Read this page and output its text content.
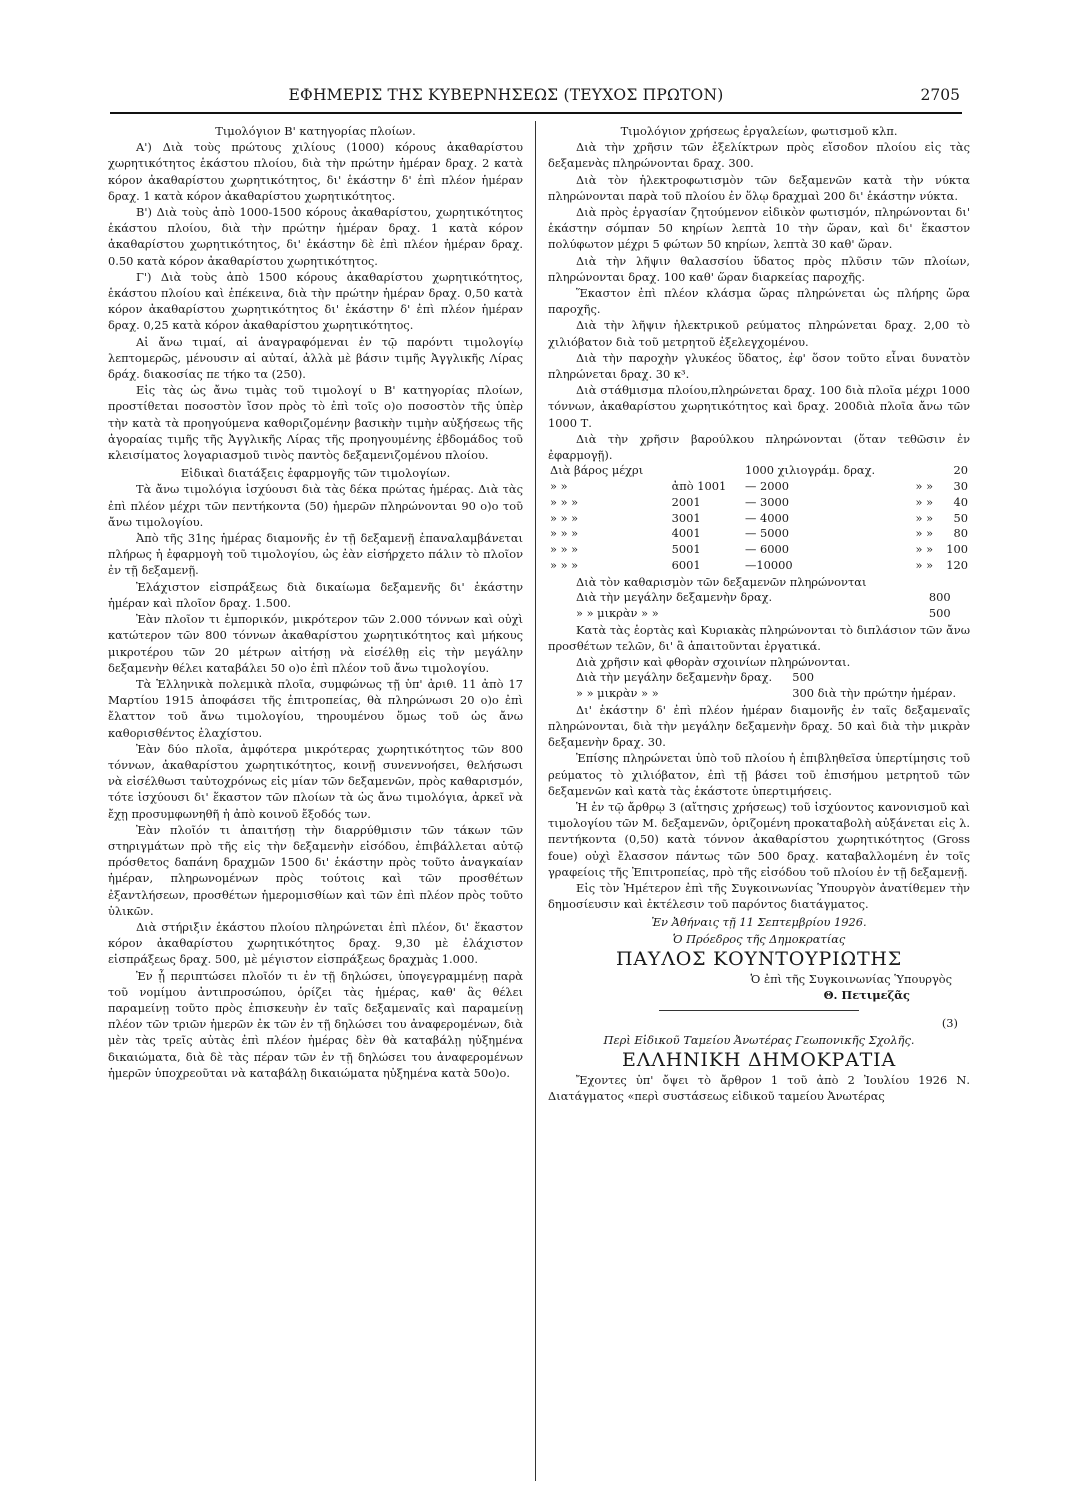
ΕΦΗΜΕΡΙΣ ΤΗΣ ΚΥΒΕΡΝΗΣΕΩΣ (ΤΕΥΧΟΣ ΠΡΩΤΟΝ)	2705

Τιμολόγιον Β' κατηγορίας πλοίων.

Α') Διὰ τοὺς πρώτους χιλίους (1000) κόρους ἀκαθαρίστου χωρητικότητος ἑκάστου πλοίου, διὰ τὴν πρώτην ἡμέραν δραχ. 2 κατὰ κόρον ἀκαθαρίστου χωρητικότητος, δι' ἑκάστην δ' ἐπὶ πλέον ἡμέραν δραχ. 1 κατὰ κόρον ἀκαθαρίστου χωρητικότητος.

Β') Διὰ τοὺς ἀπὸ 1000-1500 κόρους ἀκαθαρίστου, χωρητικότητος ἑκάστου πλοίου, διὰ τὴν πρώτην ἡμέραν δραχ. 1 κατὰ κόρον ἀκαθαρίστου χωρητικότητος, δι' ἑκάστην δὲ ἐπὶ πλέον ἡμέραν δραχ. 0.50 κατὰ κόρον ἀκαθαρίστου χωρητικότητος.

Γ') Διὰ τοὺς ἀπὸ 1500 κόρους ἀκαθαρίστου χωρητικότητος, ἑκάστου πλοίου καὶ ἐπέκεινα, διὰ τὴν πρώτην ἡμέραν δραχ. 0,50 κατὰ κόρον ἀκαθαρίστου χωρητικότητος δι' ἑκάστην δ' ἐπὶ πλέον ἡμέραν δραχ. 0,25 κατὰ κόρον ἀκαθαρίστου χωρητικότητος.

Αἱ ἄνω τιμαί, αἱ ἀναγραφόμεναι ἐν τῷ παρόντι τιμολογίῳ λεπτομερῶς, μένουσιν αἱ αὐταί, ἀλλὰ μὲ βάσιν τιμῆς Ἀγγλικῆς Λίρας δράχ. διακοσίας πε τήκο τα (250).

Εἰς τὰς ὡς ἄνω τιμὰς τοῦ τιμολογί υ Β' κατηγορίας πλοίων, προστίθεται ποσοστὸν ἴσον πρὸς τὸ ἐπὶ τοῖς ο)ο ποσοστὸν τῆς ὑπὲρ τὴν κατὰ τὰ προηγούμενα καθοριζομένην βασικὴν τιμὴν αὐξήσεως τῆς ἀγοραίας τιμῆς τῆς Ἀγγλικῆς Λίρας τῆς προηγουμένης ἑβδομάδος τοῦ κλεισίματος λογαριασμοῦ τινὸς παντὸς δεξαμενιζομένου πλοίου.

Εἰδικαὶ διατάξεις ἐφαρμογῆς τῶν τιμολογίων.

Τὰ ἄνω τιμολόγια ἰσχύουσι διὰ τὰς δέκα πρώτας ἡμέρας. Διὰ τὰς ἐπὶ πλέον μέχρι τῶν πεντήκοντα (50) ἡμερῶν πληρώνονται 90 ο)ο τοῦ ἄνω τιμολογίου.

Ἀπὸ τῆς 31ης ἡμέρας διαμονῆς ἐν τῇ δεξαμενῇ ἐπαναλαμβάνεται πλήρως ἡ ἐφαρμογὴ τοῦ τιμολογίου, ὡς ἐὰν εἰσήρχετο πάλιν τὸ πλοῖον ἐν τῇ δεξαμενῇ.

Ἐλάχιστον εἰσπράξεως διὰ δικαίωμα δεξαμενῆς δι' ἑκάστην ἡμέραν καὶ πλοῖον δραχ. 1.500.

Ἐὰν πλοῖον τι ἐμπορικόν, μικρότερον τῶν 2.000 τόννων καὶ οὐχὶ κατώτερον τῶν 800 τόννων ἀκαθαρίστου χωρητικότητος καὶ μήκους μικροτέρου τῶν 20 μέτρων αἰτήσῃ νὰ εἰσέλθῃ εἰς τὴν μεγάλην δεξαμενὴν θέλει καταβάλει 50 ο)ο ἐπὶ πλέον τοῦ ἄνω τιμολογίου.

Τὰ Ἑλληνικὰ πολεμικὰ πλοῖα, συμφώνως τῇ ὑπ' ἀριθ. 11 ἀπὸ 17 Μαρτίου 1915 ἀποφάσει τῆς ἐπιτροπείας, θὰ πληρώνωσι 20 ο)ο ἐπὶ ἔλαττον τοῦ ἄνω τιμολογίου, τηρουμένου ὅμως τοῦ ὡς ἄνω καθορισθέντος ἐλαχίστου.

Ἐὰν δύο πλοῖα, ἀμφότερα μικρότερας χωρητικότητος τῶν 800 τόννων, ἀκαθαρίστου χωρητικότητος, κοινῇ συνεννοήσει, θελήσωσι νὰ εἰσέλθωσι ταὐτοχρόνως εἰς μίαν τῶν δεξαμενῶν, πρὸς καθαρισμόν, τότε ἰσχύουσι δι' ἕκαστον τῶν πλοίων τὰ ὡς ἄνω τιμολόγια, ἀρκεῖ νὰ ἔχῃ προσυμφωνηθῆ ἡ ἀπὸ κοινοῦ ἔξοδός των.

Ἐὰν πλοῖόν τι ἀπαιτήσῃ τὴν διαρρύθμισιν τῶν τάκων τῶν στηριγμάτων πρὸ τῆς εἰς τὴν δεξαμενὴν εἰσόδου, ἐπιβάλλεται αὐτῷ πρόσθετος δαπάνη δραχμῶν 1500 δι' ἑκάστην πρὸς τοῦτο ἀναγκαίαν ἡμέραν, πληρωνομένων πρὸς τούτοις καὶ τῶν προσθέτων ἐξαντλήσεων, προσθέτων ἡμερομισθίων καὶ τῶν ἐπὶ πλέον πρὸς τοῦτο ὑλικῶν.

Διὰ στήριξιν ἑκάστου πλοίου πληρώνεται ἐπὶ πλέον, δι' ἕκαστον κόρον ἀκαθαρίστου χωρητικότητος δραχ. 9,30 μὲ ἐλάχιστον εἰσπράξεως δραχ. 500, μὲ μέγιστον εἰσπράξεως δραχμὰς 1.000.

Ἐν ᾗ περιπτώσει πλοῖόν τι ἐν τῇ δηλώσει, ὑπογεγραμμένῃ παρὰ τοῦ νομίμου ἀντιπροσώπου, ὁρίζει τὰς ἡμέρας, καθ' ἃς θέλει παραμείνῃ τοῦτο πρὸς ἐπισκευὴν ἐν ταῖς δεξαμεναῖς καὶ παραμείνῃ πλέον τῶν τριῶν ἡμερῶν ἐκ τῶν ἐν τῇ δηλώσει του ἀναφερομένων, διὰ μὲν τὰς τρεῖς αὐτὰς ἐπὶ πλέον ἡμέρας δὲν θὰ καταβάλῃ ηὐξημένα δικαιώματα, διὰ δὲ τὰς πέραν τῶν ἐν τῇ δηλώσει του ἀναφερομένων ἡμερῶν ὑποχρεοῦται νὰ καταβάλῃ δικαιώματα ηὐξημένα κατὰ 50ο)ο.

Τιμολόγιον χρήσεως ἐργαλείων, φωτισμοῦ κλπ.

Διὰ τὴν χρῆσιν τῶν ἐξελίκτρων πρὸς εἴσοδον πλοίου εἰς τὰς δεξαμενὰς πληρώνονται δραχ. 300.

Διὰ τὸν ἠλεκτροφωτισμὸν τῶν δεξαμενῶν κατὰ τὴν νύκτα πληρώνονται παρὰ τοῦ πλοίου ἐν ὅλῳ δραχμαὶ 200 δι' ἑκάστην νύκτα.

Διὰ πρὸς ἐργασίαν ζητούμενον εἰδικὸν φωτισμόν, πληρώνονται δι' ἑκάστην σόμπαν 50 κηρίων λεπτὰ 10 τὴν ὥραν, καὶ δι' ἕκαστον πολύφωτον μέχρι 5 φώτων 50 κηρίων, λεπτὰ 30 καθ' ὥραν.

Διὰ τὴν λῆψιν θαλασσίου ὕδατος πρὸς πλῦσιν τῶν πλοίων, πληρώνονται δραχ. 100 καθ' ὥραν διαρκείας παροχῆς.

Ἕκαστον ἐπὶ πλέον κλάσμα ὥρας πληρώνεται ὡς πλήρης ὥρα παροχῆς.

Διὰ τὴν λῆψιν ἠλεκτρικοῦ ρεύματος πληρώνεται δραχ. 2,00 τὸ χιλιόβατον διὰ τοῦ μετρητοῦ ἐξελεγχομένου.

Διὰ τὴν παροχὴν γλυκέος ὕδατος, ἐφ' ὅσον τοῦτο εἶναι δυνατὸν πληρώνεται δραχ. 30 κ³.

Διὰ στάθμισμα πλοίου,πληρώνεται δραχ. 100 διὰ πλοῖα μέχρι 1000 τόννων, ἀκαθαρίστου χωρητικότητος καὶ δραχ. 200διὰ πλοῖα ἄνω τῶν 1000 Τ.

Διὰ τὴν χρῆσιν βαρούλκου πληρώνονται (ὅταν τεθῶσιν ἐν ἐφαρμογῇ).

Διὰ βάρος μέχρι		1000 χιλιογράμ. δραχ.		20
» »	ἀπὸ 1001	— 2000	» »	30
» » »	2001	— 3000	» »	40
» » »	3001	— 4000	» »	50
» » »	4001	— 5000	» »	80
» » »	5001	— 6000	» »	100
» » »	6001	—10000	» »	120

Διὰ τὸν καθαρισμὸν τῶν δεξαμενῶν πληρώνονται

Διὰ τὴν μεγάλην δεξαμενὴν δραχ.	800
» » μικρὰν » »	500

Κατὰ τὰς ἑορτὰς καὶ Κυριακὰς πληρώνονται τὸ διπλάσιον τῶν ἄνω προσθέτων τελῶν, δι' ἃ ἀπαιτοῦνται ἐργατικά.

Διὰ χρῆσιν καὶ φθορὰν σχοινίων πληρώνονται.

Διὰ τὴν μεγάλην δεξαμενὴν δραχ.	500
» » μικρὰν » »	300 διὰ τὴν πρώτην ἡμέραν.

Δι' ἑκάστην δ' ἐπὶ πλέον ἡμέραν διαμονῆς ἐν ταῖς δεξαμεναῖς πληρώνονται, διὰ τὴν μεγάλην δεξαμενὴν δραχ. 50 καὶ διὰ τὴν μικρὰν δεξαμενὴν δραχ. 30.

Ἐπίσης πληρώνεται ὑπὸ τοῦ πλοίου ἡ ἐπιβληθεῖσα ὑπερτίμησις τοῦ ρεύματος τὸ χιλιόβατον, ἐπὶ τῇ βάσει τοῦ ἐπισήμου μετρητοῦ τῶν δεξαμενῶν καὶ κατὰ τὰς ἑκάστοτε ὑπερτιμήσεις.

Ἡ ἐν τῷ ἄρθρῳ 3 (αἴτησις χρήσεως) τοῦ ἰσχύοντος κανονισμοῦ καὶ τιμολογίου τῶν Μ. δεξαμενῶν, ὁριζομένη προκαταβολὴ αὐξάνεται εἰς λ. πεντήκοντα (0,50) κατὰ τόννον ἀκαθαρίστου χωρητικότητος (Gross foue) οὐχὶ ἔλασσον πάντως τῶν 500 δραχ. καταβαλλομένη ἐν τοῖς γραφείοις τῆς Ἐπιτροπείας, πρὸ τῆς εἰσόδου τοῦ πλοίου ἐν τῇ δεξαμενῇ.

Εἰς τὸν Ἡμέτερον ἐπὶ τῆς Συγκοινωνίας Ὑπουργὸν ἀνατίθεμεν τὴν δημοσίευσιν καὶ ἐκτέλεσιν τοῦ παρόντος διατάγματος.

Ἐν Ἀθήναις τῇ 11 Σεπτεμβρίου 1926.

Ὁ Πρόεδρος τῆς Δημοκρατίας

ΠΑΥΛΟΣ ΚΟΥΝΤΟΥΡΙΩΤΗΣ

Ὁ ἐπὶ τῆς Συγκοινωνίας Ὑπουργὸς

Θ. Πετιμεζᾶς

(3)

Περὶ Εἰδικοῦ Ταμείου Ἀνωτέρας Γεωπονικῆς Σχολῆς.

ΕΛΛΗΝΙΚΗ ΔΗΜΟΚΡΑΤΙΑ

Ἔχοντες ὑπ' ὄψει τὸ ἄρθρον 1 τοῦ ἀπὸ 2 Ἰουλίου 1926 Ν. Διατάγματος «περὶ συστάσεως εἰδικοῦ ταμείου Ἀνωτέρας
